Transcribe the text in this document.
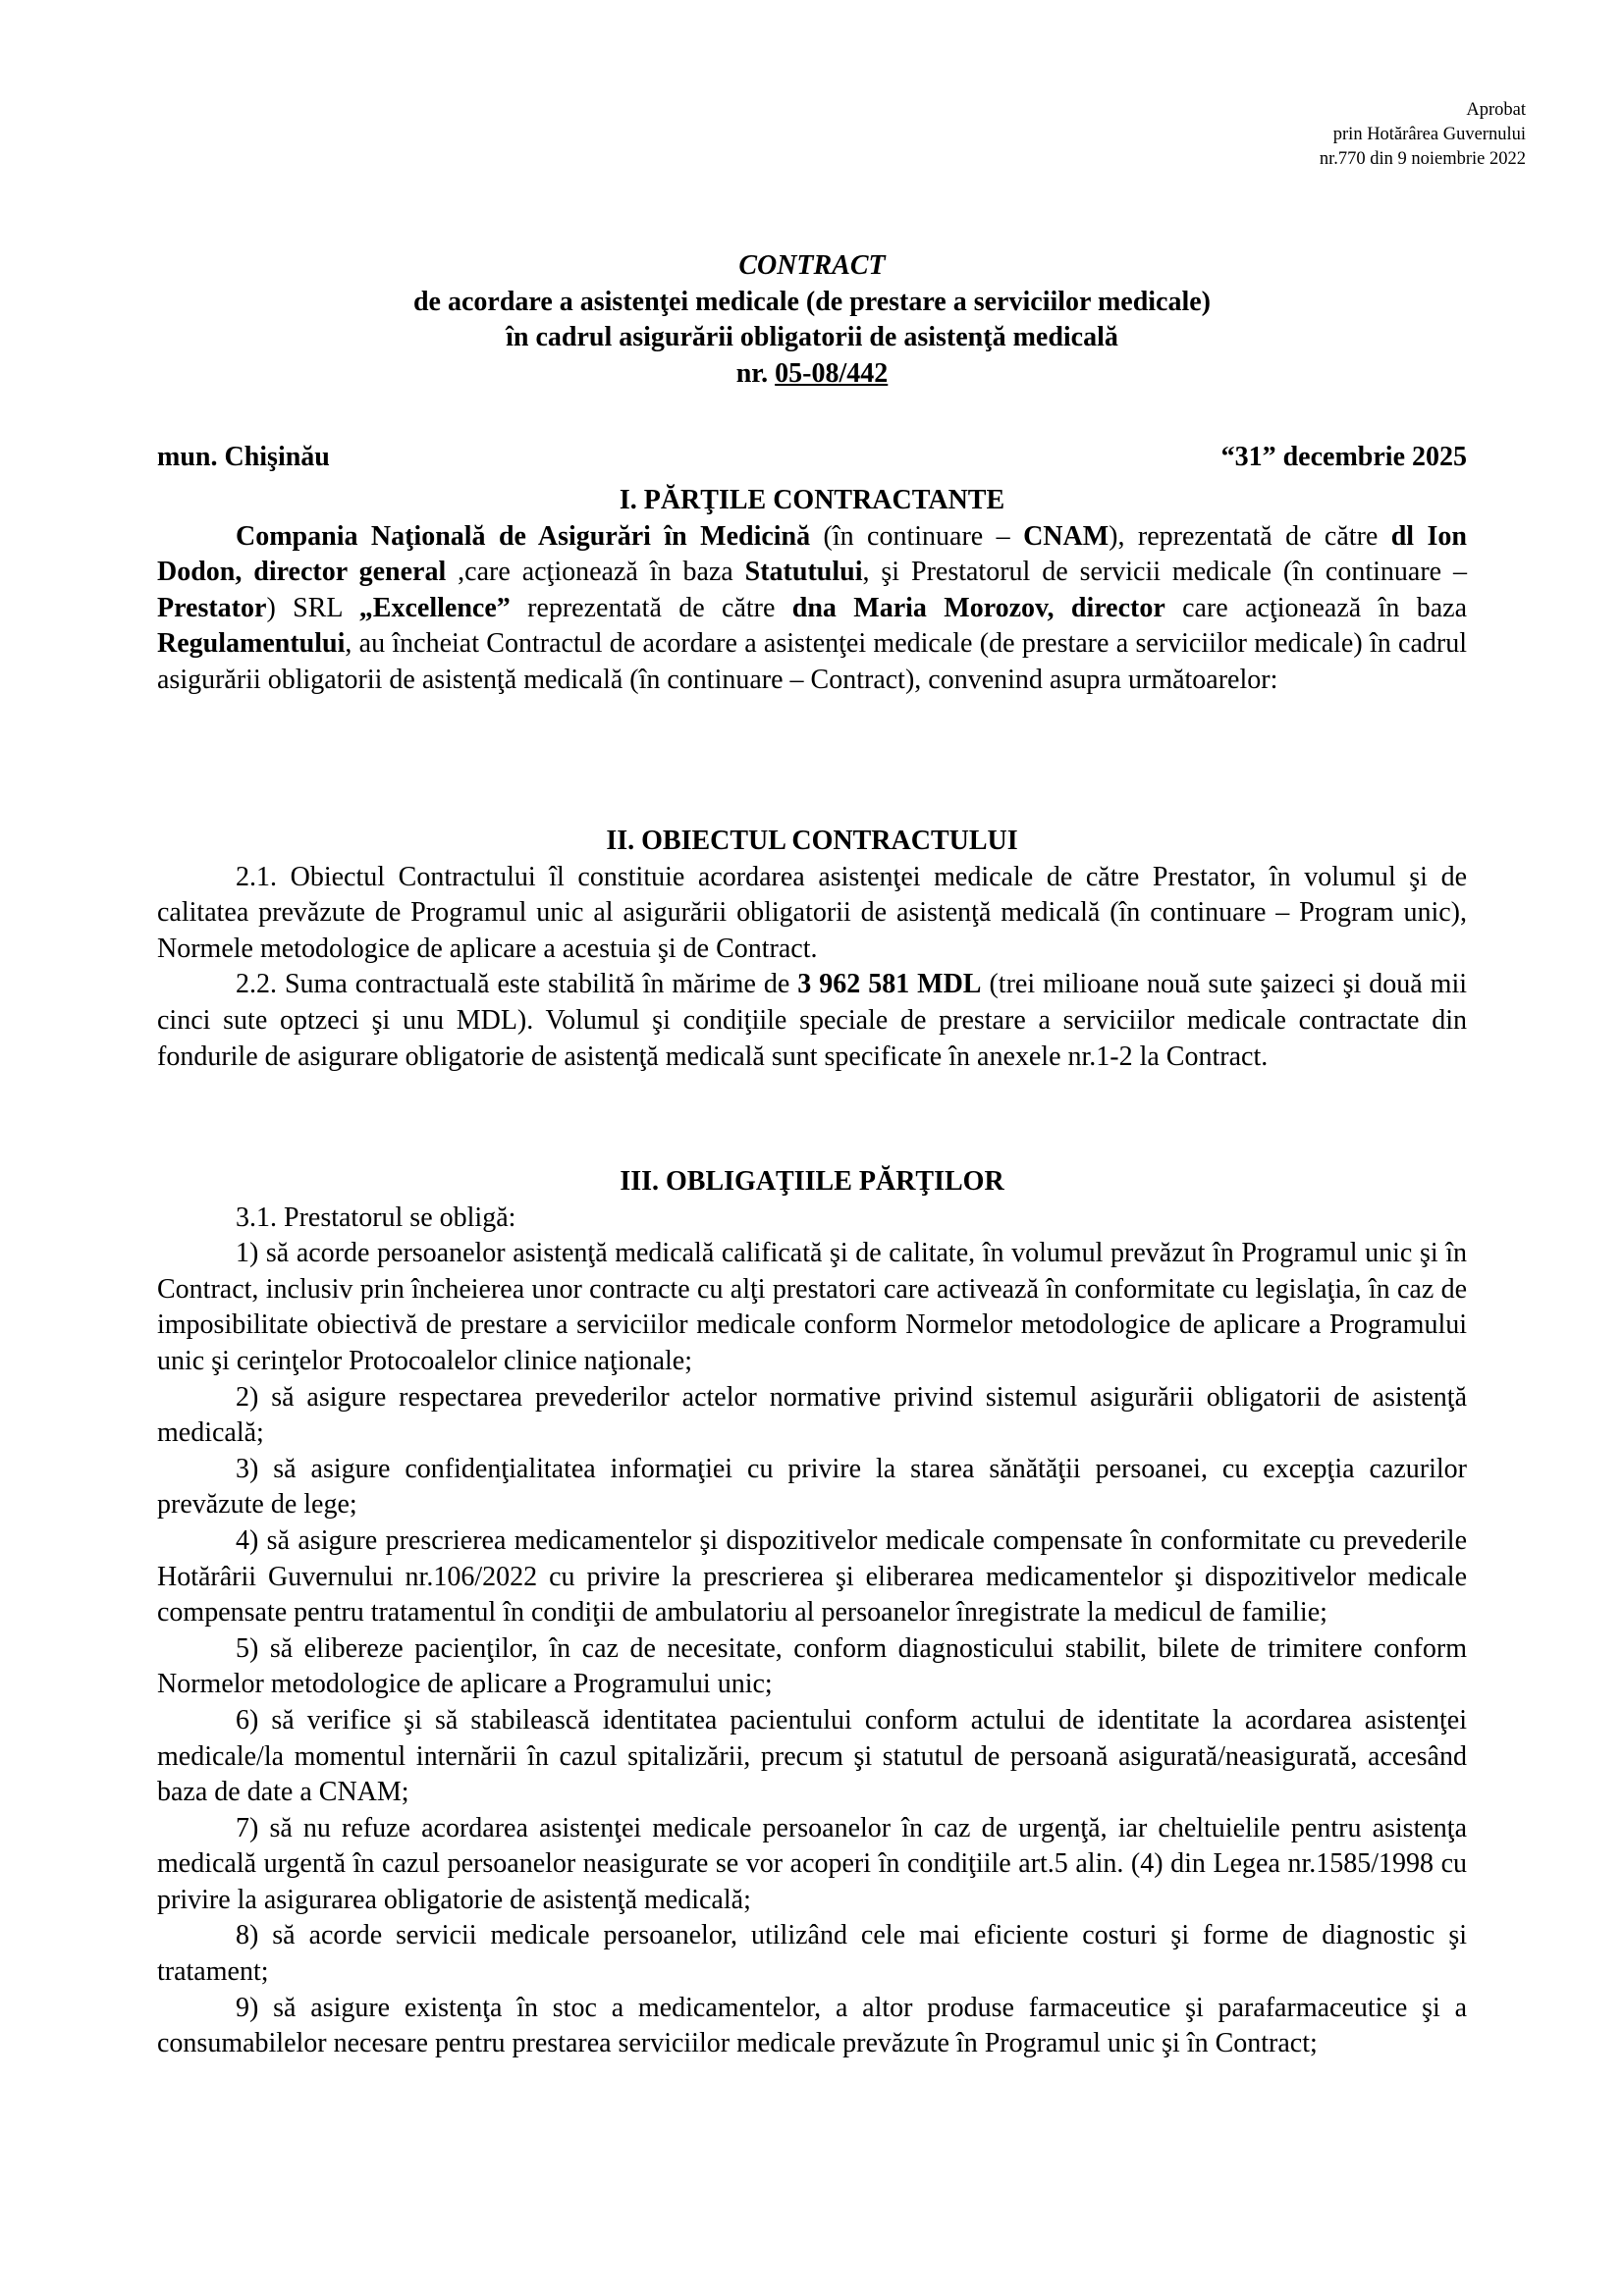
Aprobat
prin Hotărârea Guvernului
nr.770 din 9 noiembrie 2022
CONTRACT
de acordare a asistenţei medicale (de prestare a serviciilor medicale)
în cadrul asigurării obligatorii de asistenţă medicală
nr. 05-08/442
mun. Chişinău	“31” decembrie 2025
I. PĂRŢILE CONTRACTANTE

Compania Naţională de Asigurări în Medicină (în continuare – CNAM), reprezentată de către dl Ion Dodon, director general ,care acţionează în baza Statutului, şi Prestatorul de servicii medicale (în continuare – Prestator) SRL „Excellence” reprezentată de către dna Maria Morozov, director care acţionează în baza Regulamentului, au încheiat Contractul de acordare a asistenţei medicale (de prestare a serviciilor medicale) în cadrul asigurării obligatorii de asistenţă medicală (în continuare – Contract), convenind asupra următoarelor:

II. OBIECTUL CONTRACTULUI

2.1. Obiectul Contractului îl constituie acordarea asistenţei medicale de către Prestator, în volumul şi de calitatea prevăzute de Programul unic al asigurării obligatorii de asistenţă medicală (în continuare – Program unic), Normele metodologice de aplicare a acestuia şi de Contract.

2.2. Suma contractuală este stabilită în mărime de 3 962 581 MDL (trei milioane nouă sute şaizeci şi două mii cinci sute optzeci şi unu MDL). Volumul şi condiţiile speciale de prestare a serviciilor medicale contractate din fondurile de asigurare obligatorie de asistenţă medicală sunt specificate în anexele nr.1-2 la Contract.

III. OBLIGAŢIILE PĂRŢILOR

3.1. Prestatorul se obligă:

1) să acorde persoanelor asistenţă medicală calificată şi de calitate, în volumul prevăzut în Programul unic şi în Contract, inclusiv prin încheierea unor contracte cu alţi prestatori care activează în conformitate cu legislaţia, în caz de imposibilitate obiectivă de prestare a serviciilor medicale conform Normelor metodologice de aplicare a Programului unic şi cerinţelor Protocoalelor clinice naţionale;

2) să asigure respectarea prevederilor actelor normative privind sistemul asigurării obligatorii de asistenţă medicală;

3) să asigure confidenţialitatea informaţiei cu privire la starea sănătăţii persoanei, cu excepţia cazurilor prevăzute de lege;

4) să asigure prescrierea medicamentelor şi dispozitivelor medicale compensate în conformitate cu prevederile Hotărârii Guvernului nr.106/2022 cu privire la prescrierea şi eliberarea medicamentelor şi dispozitivelor medicale compensate pentru tratamentul în condiţii de ambulatoriu al persoanelor înregistrate la medicul de familie;

5) să elibereze pacienţilor, în caz de necesitate, conform diagnosticului stabilit, bilete de trimitere conform Normelor metodologice de aplicare a Programului unic;

6) să verifice şi să stabilească identitatea pacientului conform actului de identitate la acordarea asistenţei medicale/la momentul internării în cazul spitalizării, precum şi statutul de persoană asigurată/neasigurată, accesând baza de date a CNAM;

7) să nu refuze acordarea asistenţei medicale persoanelor în caz de urgenţă, iar cheltuielile pentru asistenţa medicală urgentă în cazul persoanelor neasigurate se vor acoperi în condiţiile art.5 alin. (4) din Legea nr.1585/1998 cu privire la asigurarea obligatorie de asistenţă medicală;

8) să acorde servicii medicale persoanelor, utilizând cele mai eficiente costuri şi forme de diagnostic şi tratament;

9) să asigure existenţa în stoc a medicamentelor, a altor produse farmaceutice şi parafarmaceutice şi a consumabilelor necesare pentru prestarea serviciilor medicale prevăzute în Programul unic şi în Contract;
